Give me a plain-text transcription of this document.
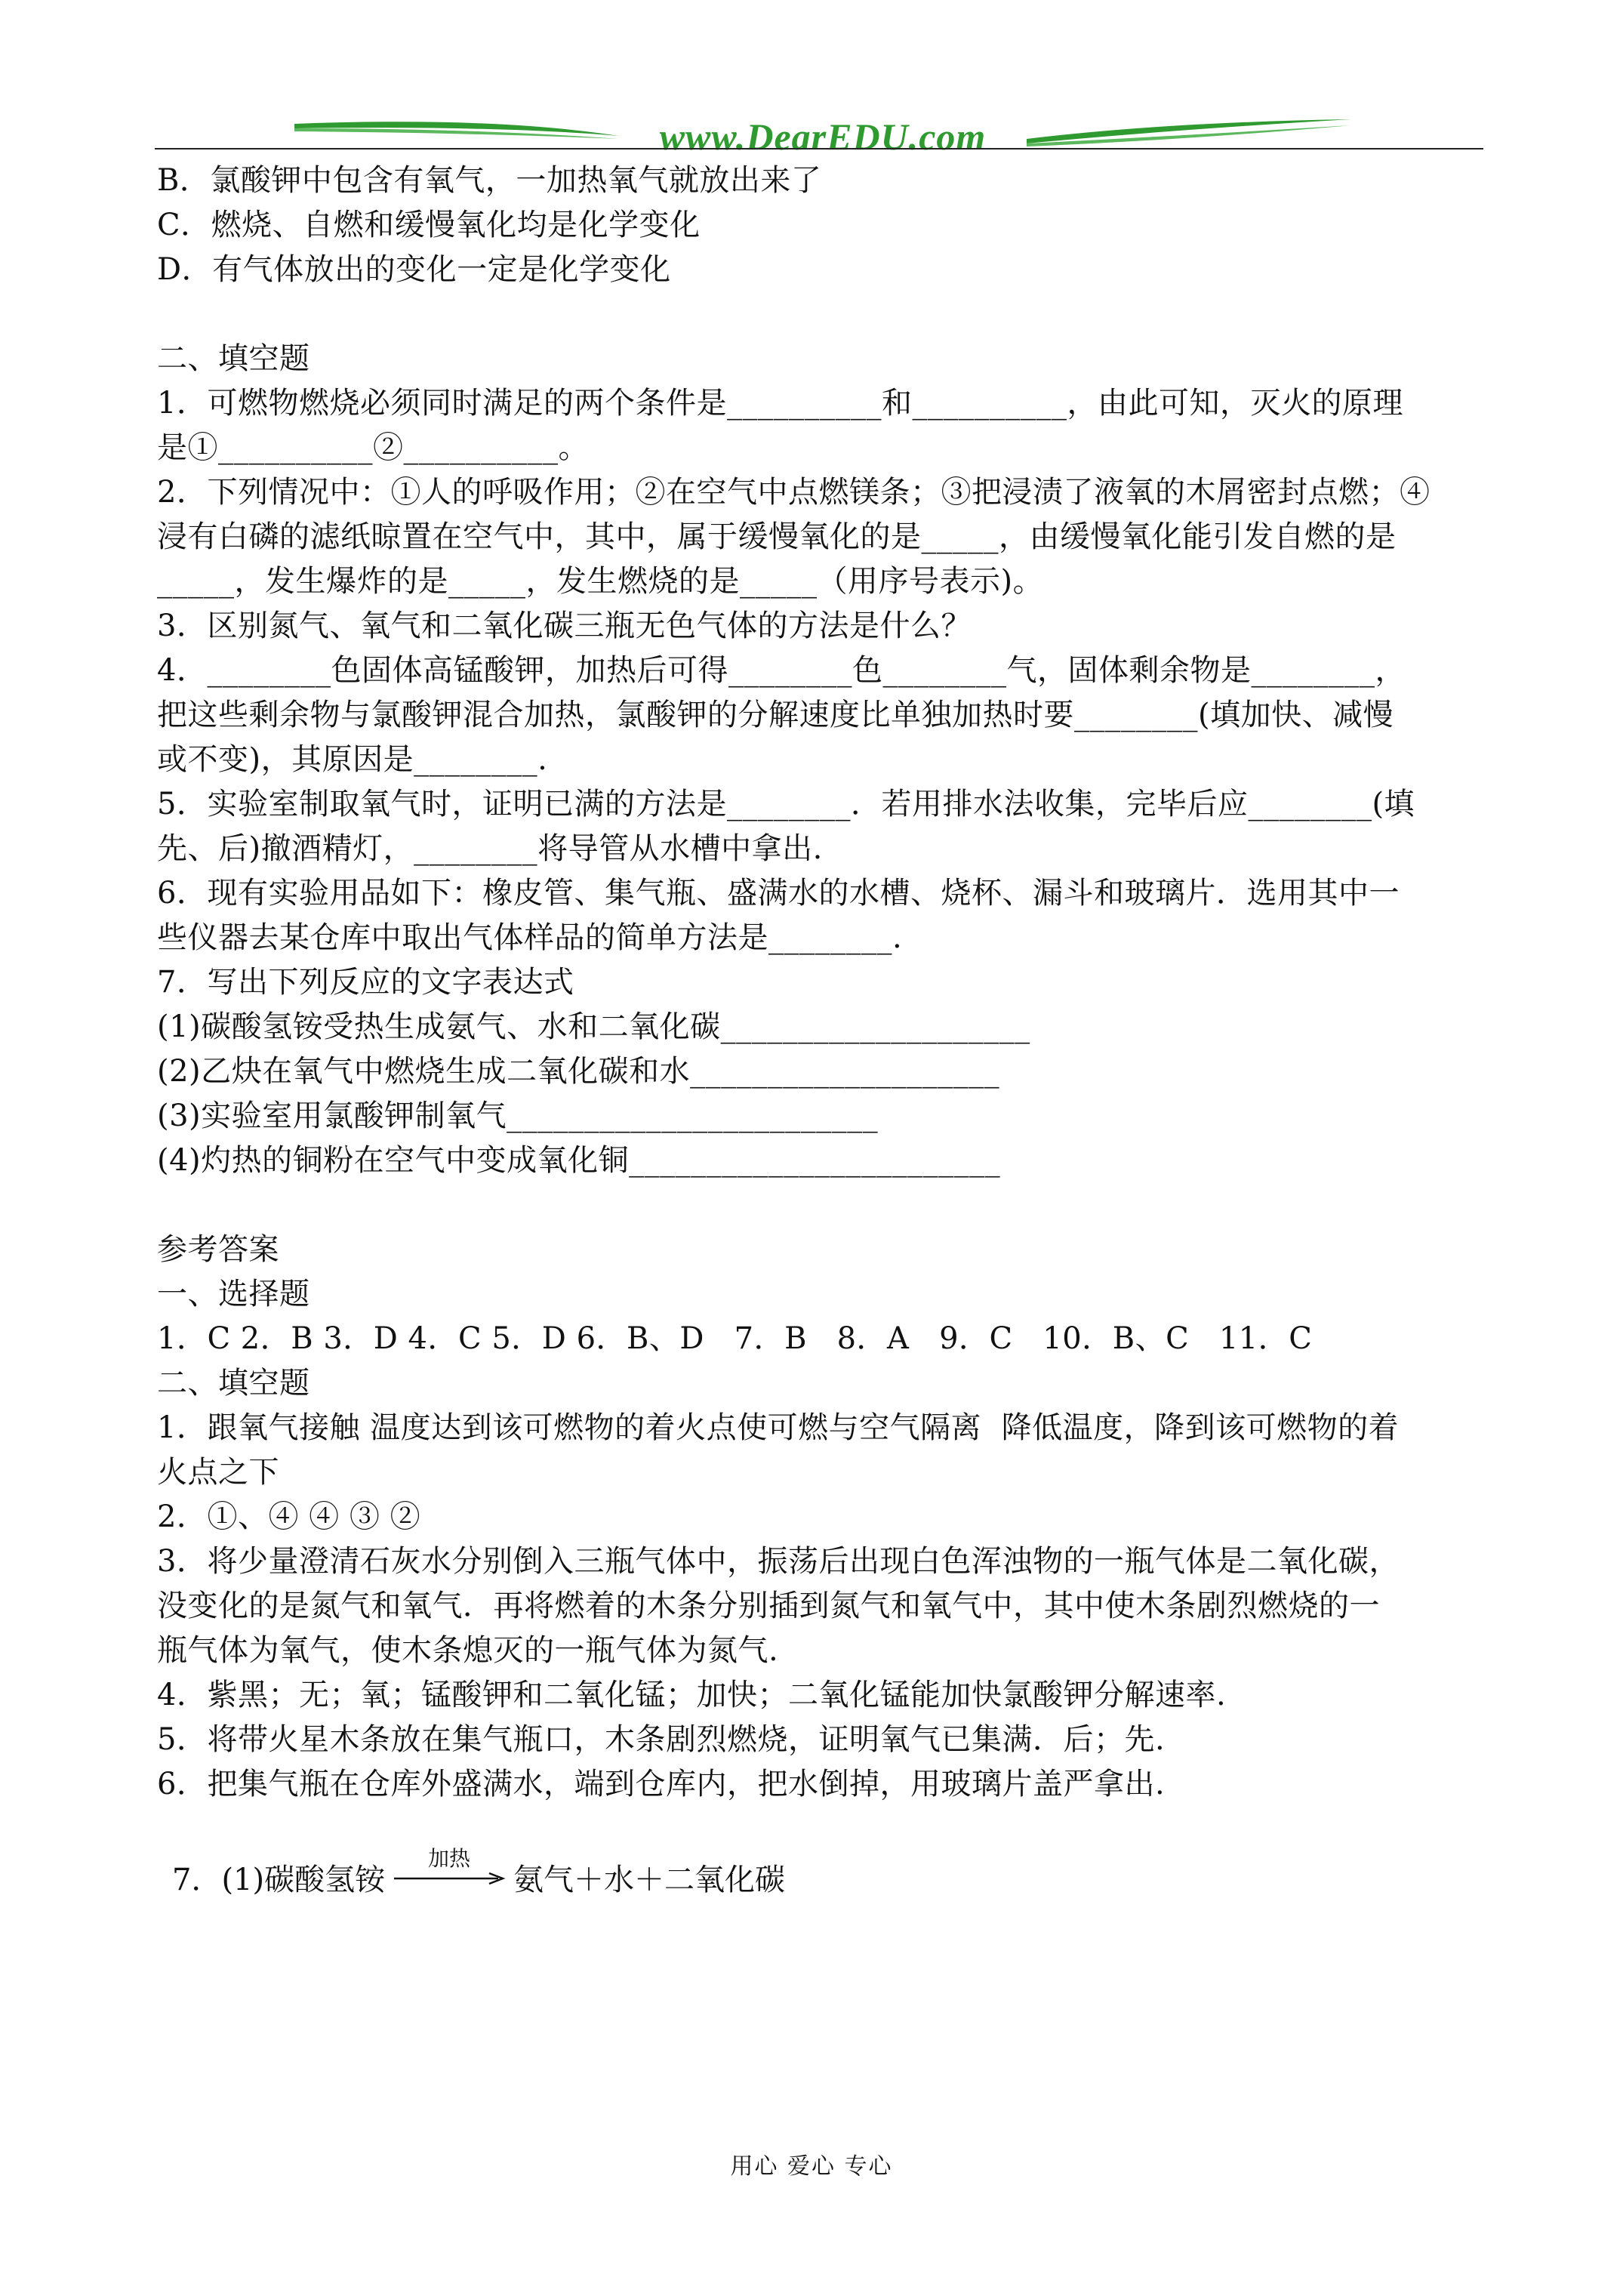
www.DearEDU.com
B．氯酸钾中包含有氧气，一加热氧气就放出来了
C．燃烧、自燃和缓慢氧化均是化学变化
D．有气体放出的变化一定是化学变化
二、填空题
1．可燃物燃烧必须同时满足的两个条件是__________和__________，由此可知，灭火的原理
是①__________②__________。
2．下列情况中：①人的呼吸作用；②在空气中点燃镁条；③把浸渍了液氧的木屑密封点燃；④
浸有白磷的滤纸晾置在空气中，其中，属于缓慢氧化的是_____，由缓慢氧化能引发自燃的是
_____，发生爆炸的是_____，发生燃烧的是_____（用序号表示)。
3．区别氮气、氧气和二氧化碳三瓶无色气体的方法是什么？
4．________色固体高锰酸钾，加热后可得________色________气，固体剩余物是________，
把这些剩余物与氯酸钾混合加热，氯酸钾的分解速度比单独加热时要________(填加快、减慢
或不变)，其原因是________.
5．实验室制取氧气时，证明已满的方法是________．若用排水法收集，完毕后应________(填
先、后)撤酒精灯，________将导管从水槽中拿出.
6．现有实验用品如下：橡皮管、集气瓶、盛满水的水槽、烧杯、漏斗和玻璃片．选用其中一
些仪器去某仓库中取出气体样品的简单方法是________.
7．写出下列反应的文字表达式
(1)碳酸氢铵受热生成氨气、水和二氧化碳____________________
(2)乙炔在氧气中燃烧生成二氧化碳和水____________________
(3)实验室用氯酸钾制氧气________________________
(4)灼热的铜粉在空气中变成氧化铜________________________
参考答案
一、选择题
1．C 2．B 3．D 4．C 5．D 6．B、D   7．B   8．A   9．C   10．B、C   11．C
二、填空题
1．跟氧气接触 温度达到该可燃物的着火点使可燃与空气隔离  降低温度，降到该可燃物的着
火点之下
2．①、④ ④ ③ ②
3．将少量澄清石灰水分别倒入三瓶气体中，振荡后出现白色浑浊物的一瓶气体是二氧化碳，
没变化的是氮气和氧气．再将燃着的木条分别插到氮气和氧气中，其中使木条剧烈燃烧的一
瓶气体为氧气，使木条熄灭的一瓶气体为氮气.
4．紫黑；无；氧；锰酸钾和二氧化锰；加快；二氧化锰能加快氯酸钾分解速率.
5．将带火星木条放在集气瓶口，木条剧烈燃烧，证明氧气已集满．后；先.
6．把集气瓶在仓库外盛满水，端到仓库内，把水倒掉，用玻璃片盖严拿出.
7．(1)碳酸氢铵
加热
氨气＋水＋二氧化碳
用心 爱心 专心
